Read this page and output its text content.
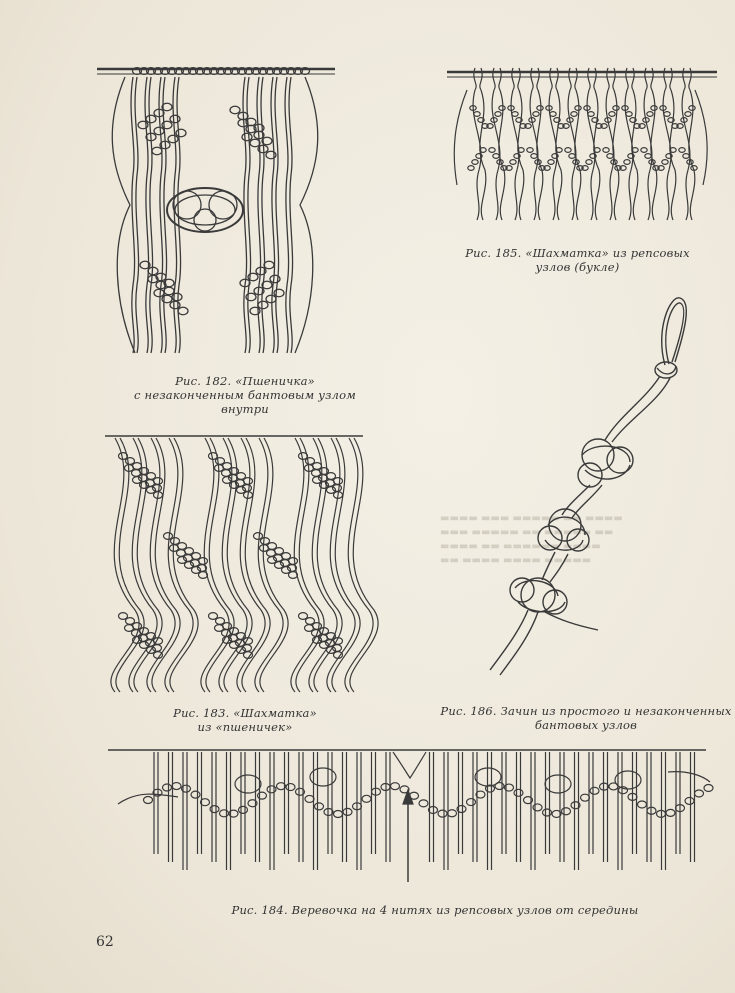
▬▬▬▬ ▬▬▬ ▬▬▬▬▬ ▬▬ ▬▬▬▬
▬▬▬ ▬▬▬▬▬ ▬▬ ▬▬▬▬▬ ▬▬
▬▬▬▬ ▬▬ ▬▬▬▬▬▬ ▬▬▬▬
▬▬ ▬▬▬▬ ▬▬▬▬ ▬▬▬▬▬
Рис. 182. «Пшеничка»
с незаконченным бантовым узлом
внутри
Рис. 185. «Шахматка» из репсовых
узлов (букле)
Рис. 183. «Шахматка»
из «пшеничек»
Рис. 186. Зачин из простого и незаконченных
бантовых узлов
Рис. 184. Веревочка на 4 нитях из репсовых узлов от середины
62
